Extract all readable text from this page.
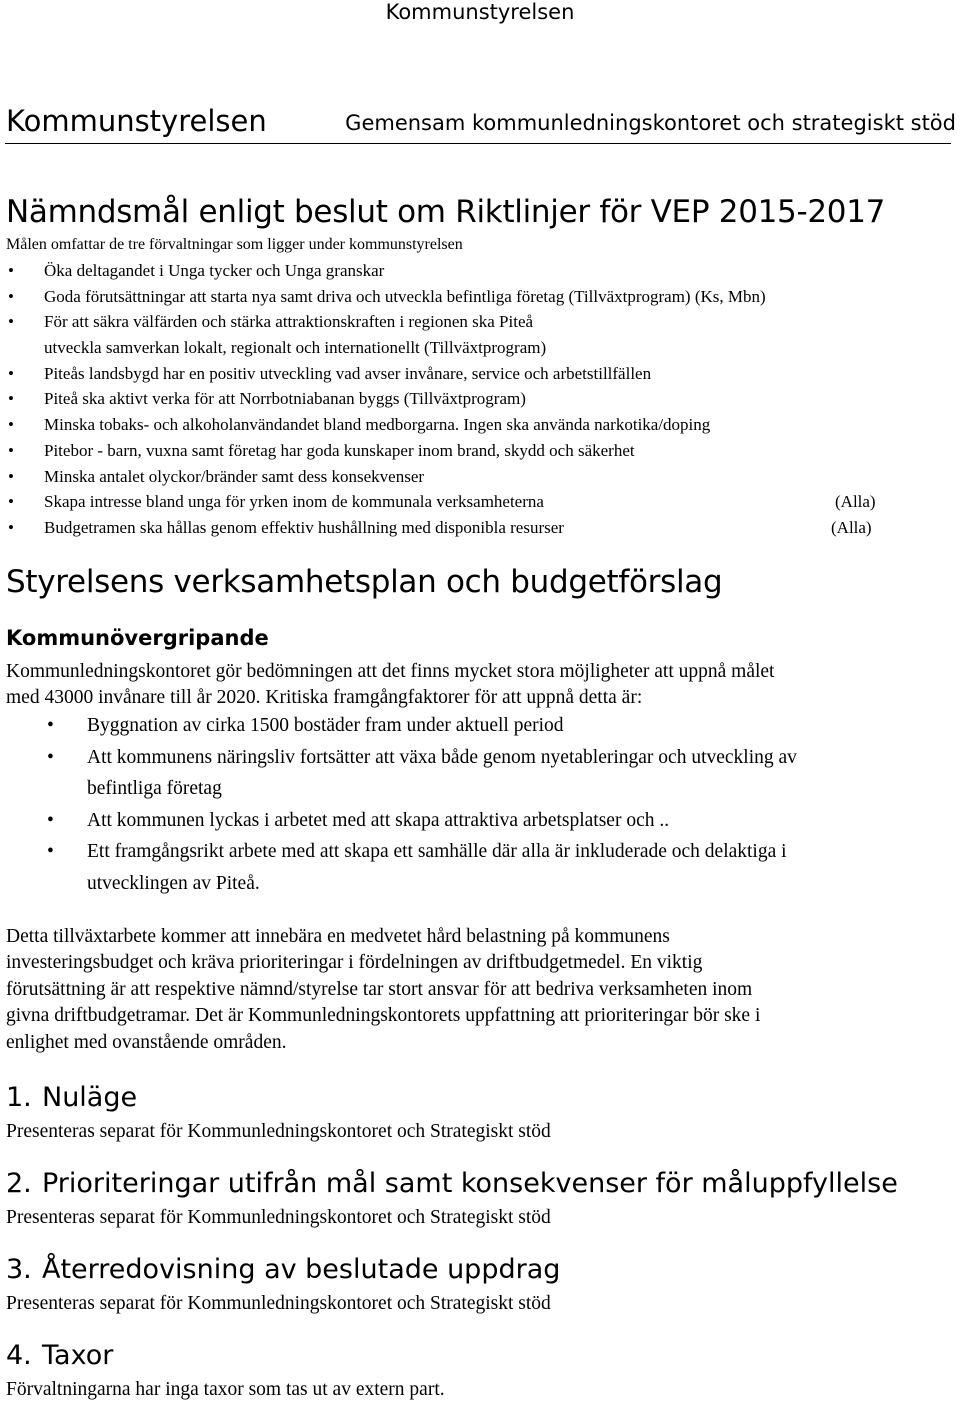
Kommunstyrelsen
Kommunstyrelsen	Gemensam kommunledningskontoret och strategiskt stöd
Nämndsmål enligt beslut om Riktlinjer för VEP 2015-2017
Målen omfattar de tre förvaltningar som ligger under kommunstyrelsen
• Öka deltagandet i Unga tycker och Unga granskar
• Goda förutsättningar att starta nya samt driva och utveckla befintliga företag (Tillväxtprogram) (Ks, Mbn)
• För att säkra välfärden och stärka attraktionskraften i regionen ska Piteå
utveckla samverkan lokalt, regionalt och internationellt (Tillväxtprogram)
• Piteås landsbygd har en positiv utveckling vad avser invånare, service och arbetstillfällen
• Piteå ska aktivt verka för att Norrbotniabanan byggs (Tillväxtprogram)
• Minska tobaks- och alkoholanvändandet bland medborgarna. Ingen ska använda narkotika/doping
• Pitebor - barn, vuxna samt företag har goda kunskaper inom brand, skydd och säkerhet
• Minska antalet olyckor/bränder samt dess konsekvenser
• Skapa intresse bland unga för yrken inom de kommunala verksamheterna	(Alla)
• Budgetramen ska hållas genom effektiv hushållning med disponibla resurser	(Alla)
Styrelsens verksamhetsplan och budgetförslag
Kommunövergripande
Kommunledningskontoret gör bedömningen att det finns mycket stora möjligheter att uppnå målet
med 43000 invånare till år 2020. Kritiska framgångfaktorer för att uppnå detta är:
•	Byggnation av cirka 1500 bostäder fram under aktuell period
•	Att kommunens näringsliv fortsätter att växa både genom nyetableringar och utveckling av
befintliga företag
•	Att kommunen lyckas i arbetet med att skapa attraktiva arbetsplatser och ..
•	Ett framgångsrikt arbete med att skapa ett samhälle där alla är inkluderade och delaktiga i
utvecklingen av Piteå.
Detta tillväxtarbete kommer att innebära en medvetet hård belastning på kommunens
investeringsbudget och kräva prioriteringar i fördelningen av driftbudgetmedel. En viktig
förutsättning är att respektive nämnd/styrelse tar stort ansvar för att bedriva verksamheten inom
givna driftbudgetramar. Det är Kommunledningskontorets uppfattning att prioriteringar bör ske i
enlighet med ovanstående områden.
1. Nuläge
Presenteras separat för Kommunledningskontoret och Strategiskt stöd
2. Prioriteringar utifrån mål samt konsekvenser för måluppfyllelse
Presenteras separat för Kommunledningskontoret och Strategiskt stöd
3. Återredovisning av beslutade uppdrag
Presenteras separat för Kommunledningskontoret och Strategiskt stöd
4. Taxor
Förvaltningarna har inga taxor som tas ut av extern part.
